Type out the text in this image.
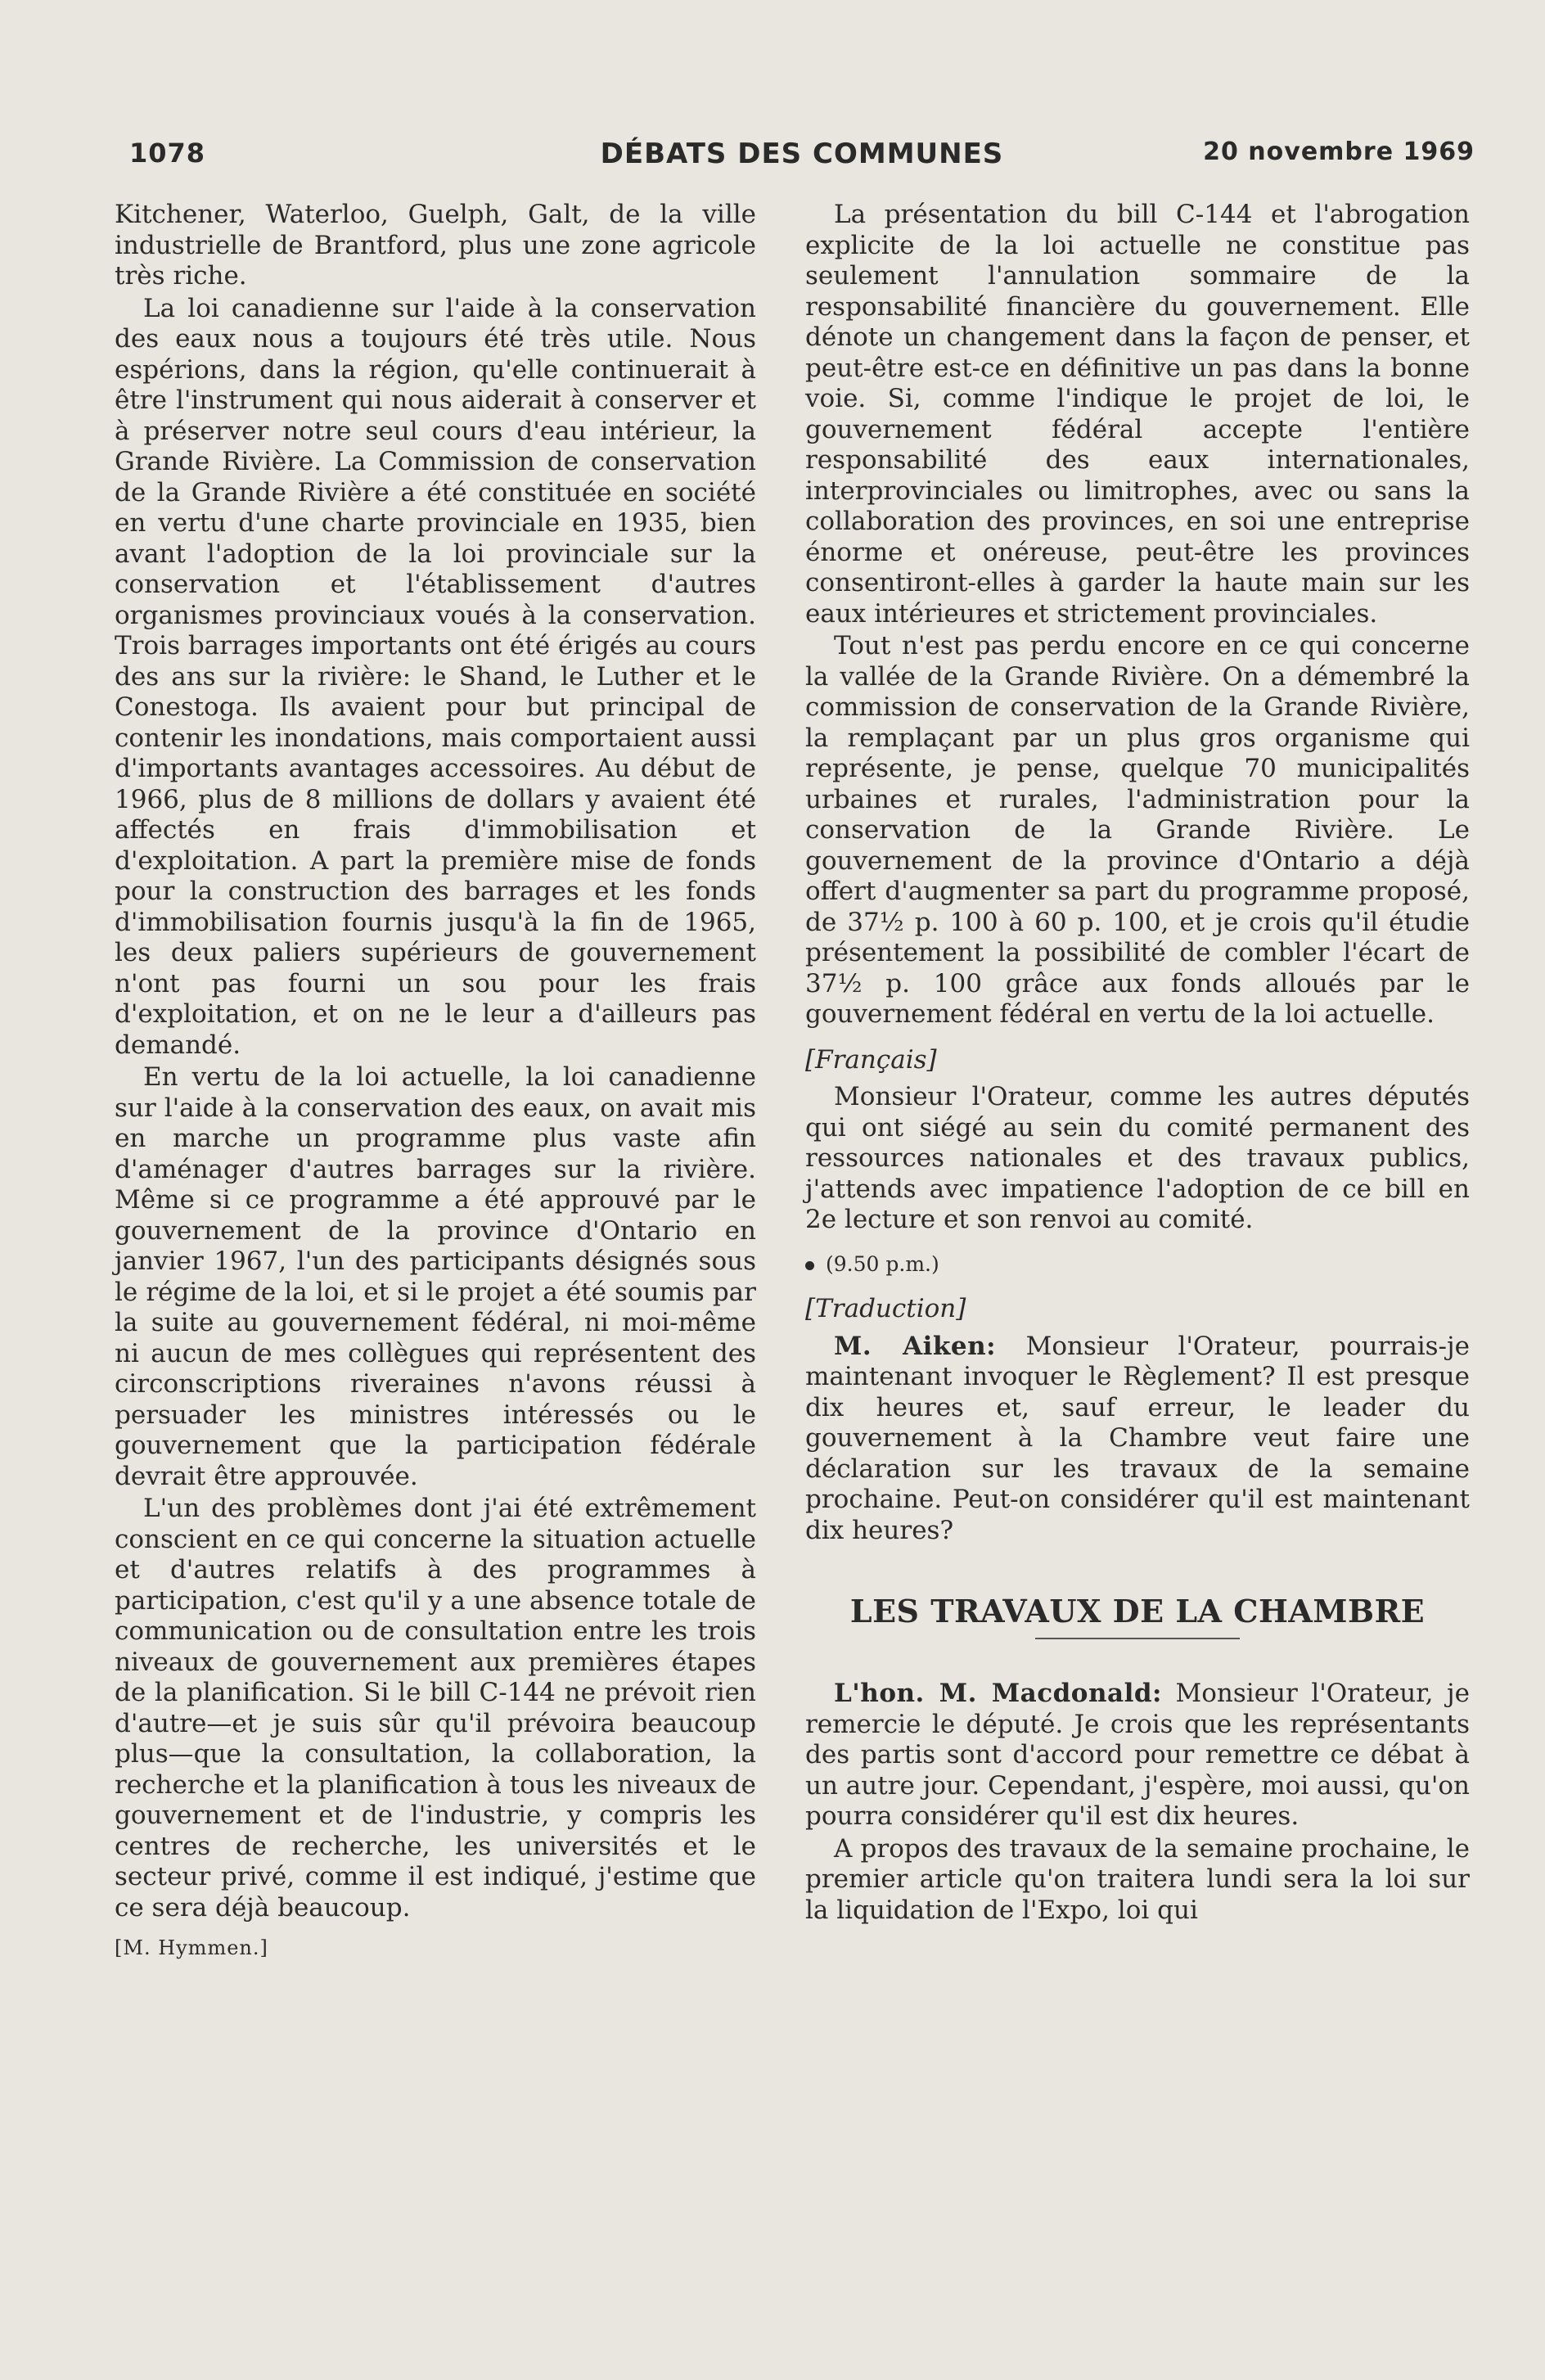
1078	DÉBATS DES COMMUNES	20 novembre 1969

Kitchener, Waterloo, Guelph, Galt, de la ville industrielle de Brantford, plus une zone agricole très riche.

La loi canadienne sur l'aide à la conservation des eaux nous a toujours été très utile. Nous espérions, dans la région, qu'elle continuerait à être l'instrument qui nous aiderait à conserver et à préserver notre seul cours d'eau intérieur, la Grande Rivière. La Commission de conservation de la Grande Rivière a été constituée en société en vertu d'une charte provinciale en 1935, bien avant l'adoption de la loi provinciale sur la conservation et l'établissement d'autres organismes provinciaux voués à la conservation. Trois barrages importants ont été érigés au cours des ans sur la rivière: le Shand, le Luther et le Conestoga. Ils avaient pour but principal de contenir les inondations, mais comportaient aussi d'importants avantages accessoires. Au début de 1966, plus de 8 millions de dollars y avaient été affectés en frais d'immobilisation et d'exploitation. A part la première mise de fonds pour la construction des barrages et les fonds d'immobilisation fournis jusqu'à la fin de 1965, les deux paliers supérieurs de gouvernement n'ont pas fourni un sou pour les frais d'exploitation, et on ne le leur a d'ailleurs pas demandé.

En vertu de la loi actuelle, la loi canadienne sur l'aide à la conservation des eaux, on avait mis en marche un programme plus vaste afin d'aménager d'autres barrages sur la rivière. Même si ce programme a été approuvé par le gouvernement de la province d'Ontario en janvier 1967, l'un des participants désignés sous le régime de la loi, et si le projet a été soumis par la suite au gouvernement fédéral, ni moi-même ni aucun de mes collègues qui représentent des circonscriptions riveraines n'avons réussi à persuader les ministres intéressés ou le gouvernement que la participation fédérale devrait être approuvée.

L'un des problèmes dont j'ai été extrêmement conscient en ce qui concerne la situation actuelle et d'autres relatifs à des programmes à participation, c'est qu'il y a une absence totale de communication ou de consultation entre les trois niveaux de gouvernement aux premières étapes de la planification. Si le bill C-144 ne prévoit rien d'autre—et je suis sûr qu'il prévoira beaucoup plus—que la consultation, la collaboration, la recherche et la planification à tous les niveaux de gouvernement et de l'industrie, y compris les centres de recherche, les universités et le secteur privé, comme il est indiqué, j'estime que ce sera déjà beaucoup.

[M. Hymmen.]

La présentation du bill C-144 et l'abrogation explicite de la loi actuelle ne constitue pas seulement l'annulation sommaire de la responsabilité financière du gouvernement. Elle dénote un changement dans la façon de penser, et peut-être est-ce en définitive un pas dans la bonne voie. Si, comme l'indique le projet de loi, le gouvernement fédéral accepte l'entière responsabilité des eaux internationales, interprovinciales ou limitrophes, avec ou sans la collaboration des provinces, en soi une entreprise énorme et onéreuse, peut-être les provinces consentiront-elles à garder la haute main sur les eaux intérieures et strictement provinciales.

Tout n'est pas perdu encore en ce qui concerne la vallée de la Grande Rivière. On a démembré la commission de conservation de la Grande Rivière, la remplaçant par un plus gros organisme qui représente, je pense, quelque 70 municipalités urbaines et rurales, l'administration pour la conservation de la Grande Rivière. Le gouvernement de la province d'Ontario a déjà offert d'augmenter sa part du programme proposé, de 37½ p. 100 à 60 p. 100, et je crois qu'il étudie présentement la possibilité de combler l'écart de 37½ p. 100 grâce aux fonds alloués par le gouvernement fédéral en vertu de la loi actuelle.

[Français]

Monsieur l'Orateur, comme les autres députés qui ont siégé au sein du comité permanent des ressources nationales et des travaux publics, j'attends avec impatience l'adoption de ce bill en 2e lecture et son renvoi au comité.

(9.50 p.m.)
[Traduction]

M. Aiken: Monsieur l'Orateur, pourrais-je maintenant invoquer le Règlement? Il est presque dix heures et, sauf erreur, le leader du gouvernement à la Chambre veut faire une déclaration sur les travaux de la semaine prochaine. Peut-on considérer qu'il est maintenant dix heures?

LES TRAVAUX DE LA CHAMBRE

L'hon. M. Macdonald: Monsieur l'Orateur, je remercie le député. Je crois que les représentants des partis sont d'accord pour remettre ce débat à un autre jour. Cependant, j'espère, moi aussi, qu'on pourra considérer qu'il est dix heures.

A propos des travaux de la semaine prochaine, le premier article qu'on traitera lundi sera la loi sur la liquidation de l'Expo, loi qui
